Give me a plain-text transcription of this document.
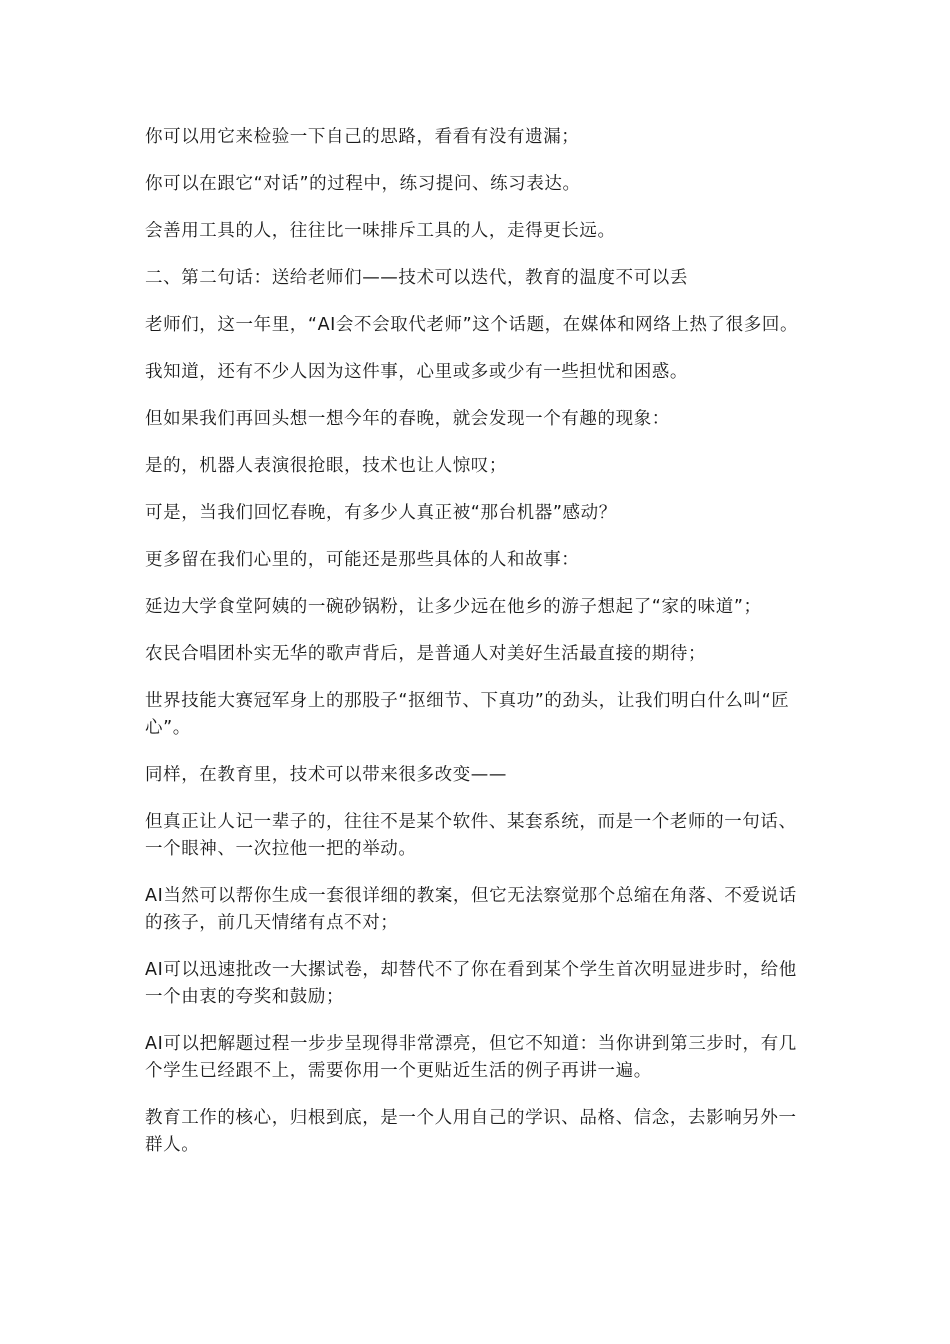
你可以用它来检验一下自己的思路，看看有没有遗漏；

你可以在跟它“对话”的过程中，练习提问、练习表达。

会善用工具的人，往往比一味排斥工具的人，走得更长远。

二、第二句话：送给老师们——技术可以迭代，教育的温度不可以丢

老师们，这一年里，“AI会不会取代老师”这个话题，在媒体和网络上热了很多回。

我知道，还有不少人因为这件事，心里或多或少有一些担忧和困惑。

但如果我们再回头想一想今年的春晚，就会发现一个有趣的现象：

是的，机器人表演很抢眼，技术也让人惊叹；

可是，当我们回忆春晚，有多少人真正被“那台机器”感动？

更多留在我们心里的，可能还是那些具体的人和故事：

延边大学食堂阿姨的一碗砂锅粉，让多少远在他乡的游子想起了“家的味道”；

农民合唱团朴实无华的歌声背后，是普通人对美好生活最直接的期待；

世界技能大赛冠军身上的那股子“抠细节、下真功”的劲头，让我们明白什么叫“匠心”。

同样，在教育里，技术可以带来很多改变——

但真正让人记一辈子的，往往不是某个软件、某套系统，而是一个老师的一句话、一个眼神、一次拉他一把的举动。

AI当然可以帮你生成一套很详细的教案，但它无法察觉那个总缩在角落、不爱说话的孩子，前几天情绪有点不对；

AI可以迅速批改一大摞试卷，却替代不了你在看到某个学生首次明显进步时，给他一个由衷的夸奖和鼓励；

AI可以把解题过程一步步呈现得非常漂亮，但它不知道：当你讲到第三步时，有几个学生已经跟不上，需要你用一个更贴近生活的例子再讲一遍。

教育工作的核心，归根到底，是一个人用自己的学识、品格、信念，去影响另外一群人。
